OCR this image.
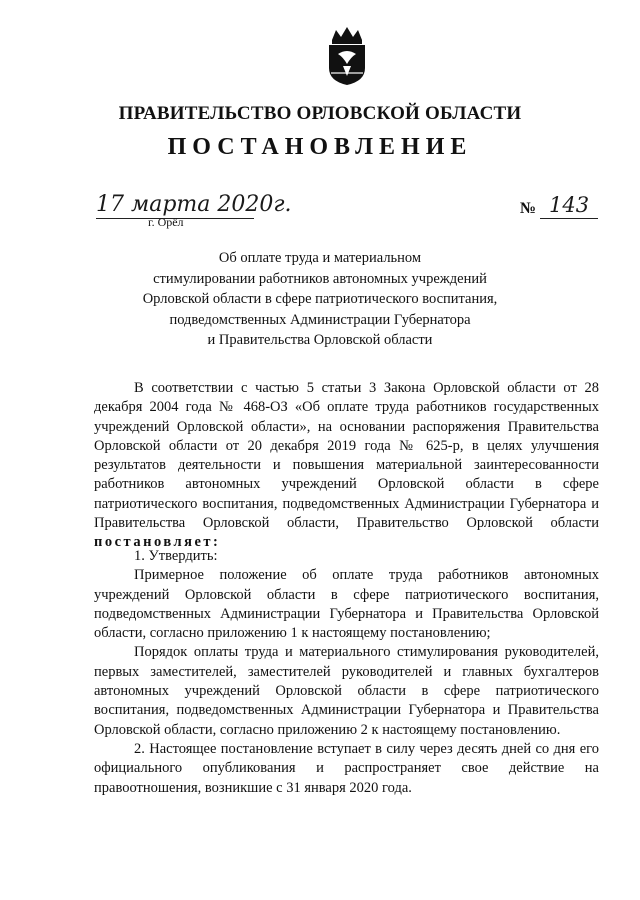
ПРАВИТЕЛЬСТВО ОРЛОВСКОЙ ОБЛАСТИ
ПОСТАНОВЛЕНИЕ
17 марта 2020г.
г. Орёл
№ 143
Об оплате труда и материальном
стимулировании работников автономных учреждений
Орловской области в сфере патриотического воспитания,
подведомственных Администрации Губернатора
и Правительства Орловской области

В соответствии с частью 5 статьи 3 Закона Орловской области от 28 декабря 2004 года № 468-ОЗ «Об оплате труда работников государственных учреждений Орловской области», на основании распоряжения Правительства Орловской области от 20 декабря 2019 года № 625-р, в целях улучшения результатов деятельности и повышения материальной заинтересованности работников автономных учреждений Орловской области в сфере патриотического воспитания, подведомственных Администрации Губернатора и Правительства Орловской области, Правительство Орловской области постановляет:

1. Утвердить:

Примерное положение об оплате труда работников автономных учреждений Орловской области в сфере патриотического воспитания, подведомственных Администрации Губернатора и Правительства Орловской области, согласно приложению 1 к настоящему постановлению;

Порядок оплаты труда и материального стимулирования руководителей, первых заместителей, заместителей руководителей и главных бухгалтеров автономных учреждений Орловской области в сфере патриотического воспитания, подведомственных Администрации Губернатора и Правительства Орловской области, согласно приложению 2 к настоящему постановлению.

2. Настоящее постановление вступает в силу через десять дней со дня его официального опубликования и распространяет свое действие на правоотношения, возникшие с 31 января 2020 года.
